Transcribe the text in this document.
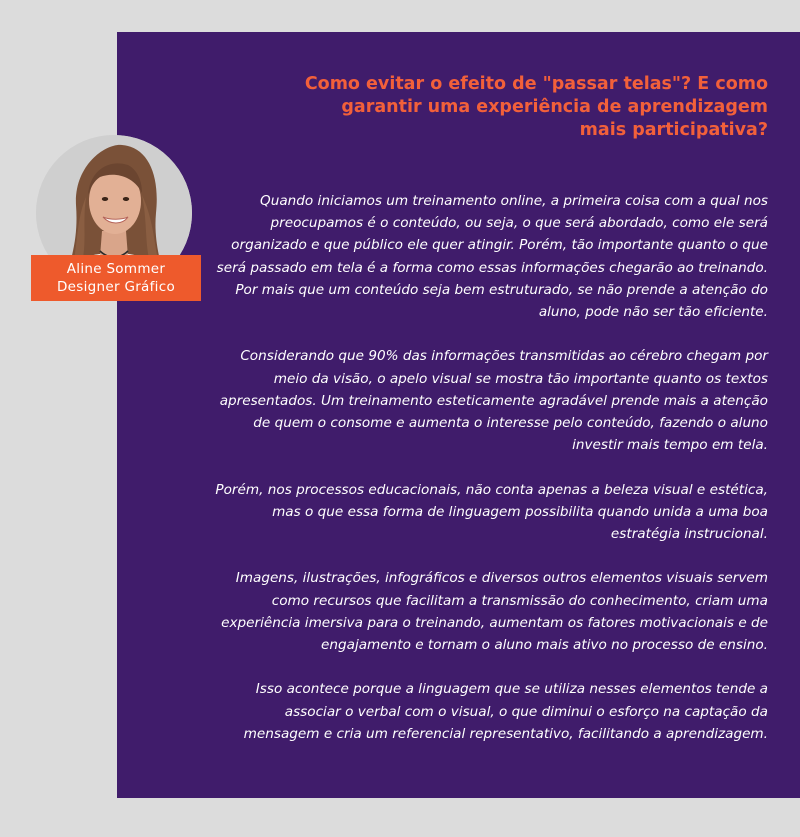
Como evitar o efeito de "passar telas"? E como garantir uma experiência de aprendizagem mais participativa?

Quando iniciamos um treinamento online, a primeira coisa com a qual nos preocupamos é o conteúdo, ou seja, o que será abordado, como ele será organizado e que público ele quer atingir. Porém, tão importante quanto o que será passado em tela é a forma como essas informações chegarão ao treinando. Por mais que um conteúdo seja bem estruturado, se não prende a atenção do aluno, pode não ser tão eficiente.

Considerando que 90% das informações transmitidas ao cérebro chegam por meio da visão, o apelo visual se mostra tão importante quanto os textos apresentados. Um treinamento esteticamente agradável prende mais a atenção de quem o consome e aumenta o interesse pelo conteúdo, fazendo o aluno investir mais tempo em tela.

Porém, nos processos educacionais, não conta apenas a beleza visual e estética, mas o que essa forma de linguagem possibilita quando unida a uma boa estratégia instrucional.

Imagens, ilustrações, infográficos e diversos outros elementos visuais servem como recursos que facilitam a transmissão do conhecimento, criam uma experiência imersiva para o treinando, aumentam os fatores motivacionais e de engajamento e tornam o aluno mais ativo no processo de ensino.

Isso acontece porque a linguagem que se utiliza nesses elementos tende a associar o verbal com o visual, o que diminui o esforço na captação da mensagem e cria um referencial representativo, facilitando a aprendizagem.

Aline Sommer
Designer Gráfico
